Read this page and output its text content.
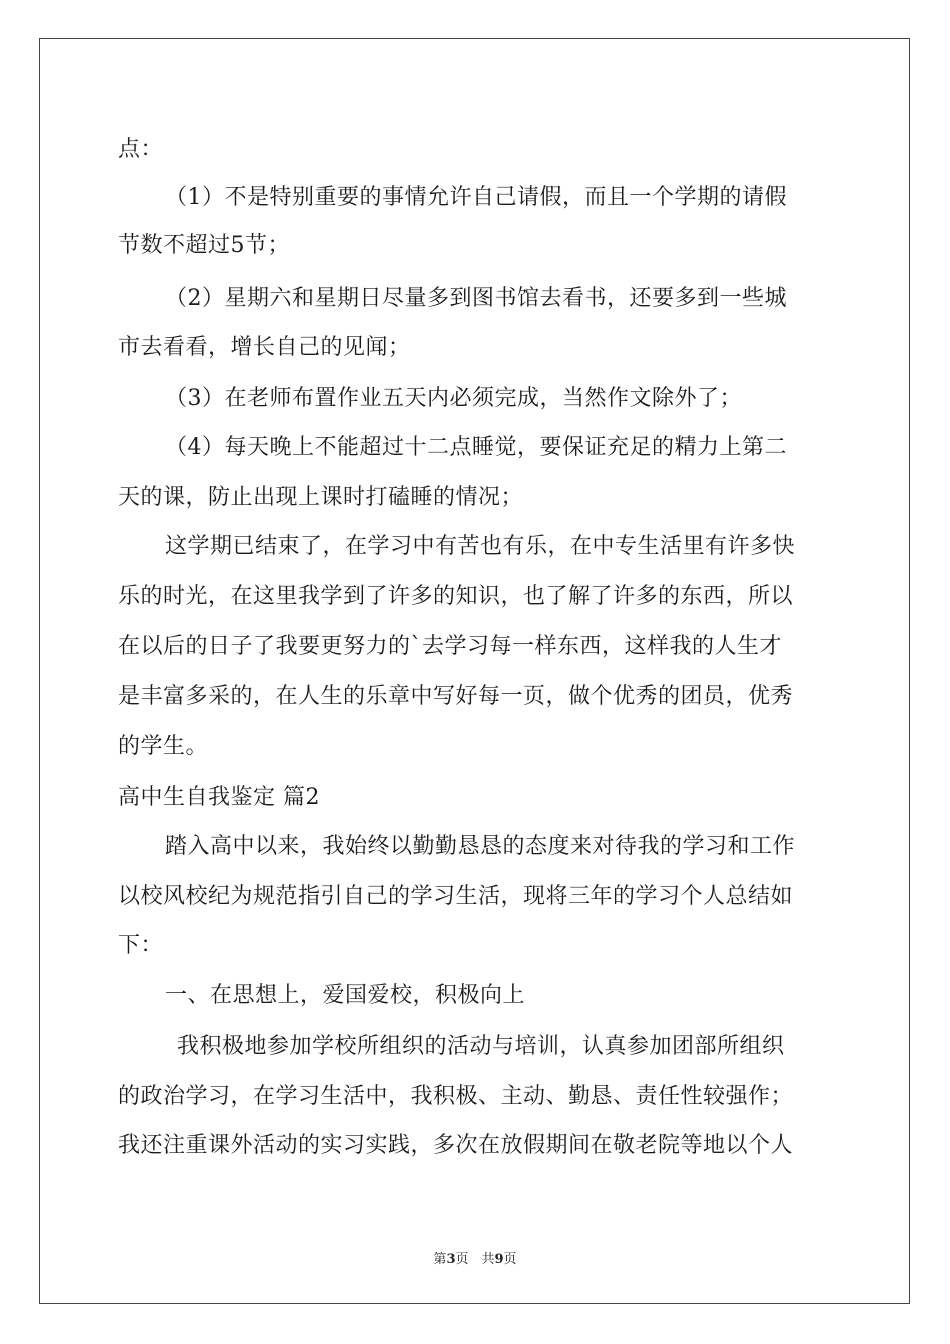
点：

（1）不是特别重要的事情允许自己请假，而且一个学期的请假

节数不超过5节；

（2）星期六和星期日尽量多到图书馆去看书，还要多到一些城

市去看看，增长自己的见闻；

（3）在老师布置作业五天内必须完成，当然作文除外了；

（4）每天晚上不能超过十二点睡觉，要保证充足的精力上第二

天的课，防止出现上课时打磕睡的情况；

这学期已结束了，在学习中有苦也有乐，在中专生活里有许多快

乐的时光，在这里我学到了许多的知识，也了解了许多的东西，所以

在以后的日子了我要更努力的`去学习每一样东西，这样我的人生才

是丰富多采的，在人生的乐章中写好每一页，做个优秀的团员，优秀

的学生。

高中生自我鉴定 篇2

踏入高中以来，我始终以勤勤恳恳的态度来对待我的学习和工作

以校风校纪为规范指引自己的学习生活，现将三年的学习个人总结如

下：

一、在思想上，爱国爱校，积极向上

我积极地参加学校所组织的活动与培训，认真参加团部所组织

的政治学习，在学习生活中，我积极、主动、勤恳、责任性较强作；

我还注重课外活动的实习实践，多次在放假期间在敬老院等地以个人

第3页　共9页
